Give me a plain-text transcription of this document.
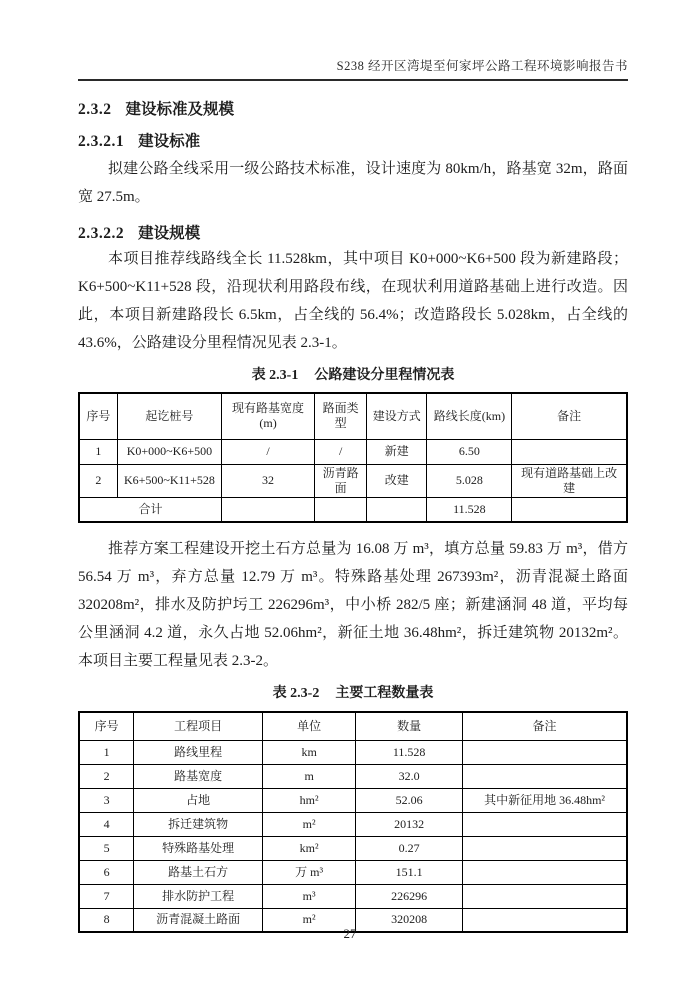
S238 经开区湾堤至何家坪公路工程环境影响报告书
2.3.2 建设标准及规模
2.3.2.1 建设标准

拟建公路全线采用一级公路技术标准，设计速度为 80km/h，路基宽 32m，路面宽 27.5m。

2.3.2.2 建设规模

本项目推荐线路线全长 11.528km，其中项目 K0+000~K6+500 段为新建路段；K6+500~K11+528 段，沿现状利用路段布线，在现状利用道路基础上进行改造。因此，本项目新建路段长 6.5km，占全线的 56.4%；改造路段长 5.028km，占全线的 43.6%，公路建设分里程情况见表 2.3-1。

表 2.3-1 公路建设分里程情况表
序号	起讫桩号	现有路基宽度(m)	路面类型	建设方式	路线长度(km)	备注
1	K0+000~K6+500	/	/	新建	6.50	
2	K6+500~K11+528	32	沥青路面	改建	5.028	现有道路基础上改建
合计					11.528	

推荐方案工程建设开挖土石方总量为 16.08 万 m³，填方总量 59.83 万 m³，借方 56.54 万 m³，弃方总量 12.79 万 m³。特殊路基处理 267393m²，沥青混凝土路面 320208m²，排水及防护圬工 226296m³，中小桥 282/5 座；新建涵洞 48 道，平均每公里涵洞 4.2 道，永久占地 52.06hm²，新征土地 36.48hm²，拆迁建筑物 20132m²。本项目主要工程量见表 2.3-2。

表 2.3-2 主要工程数量表
序号	工程项目	单位	数量	备注
1	路线里程	km	11.528	
2	路基宽度	m	32.0	
3	占地	hm²	52.06	其中新征用地 36.48hm²
4	拆迁建筑物	m²	20132	
5	特殊路基处理	km²	0.27	
6	路基土石方	万 m³	151.1	
7	排水防护工程	m³	226296	
8	沥青混凝土路面	m²	320208	
27
